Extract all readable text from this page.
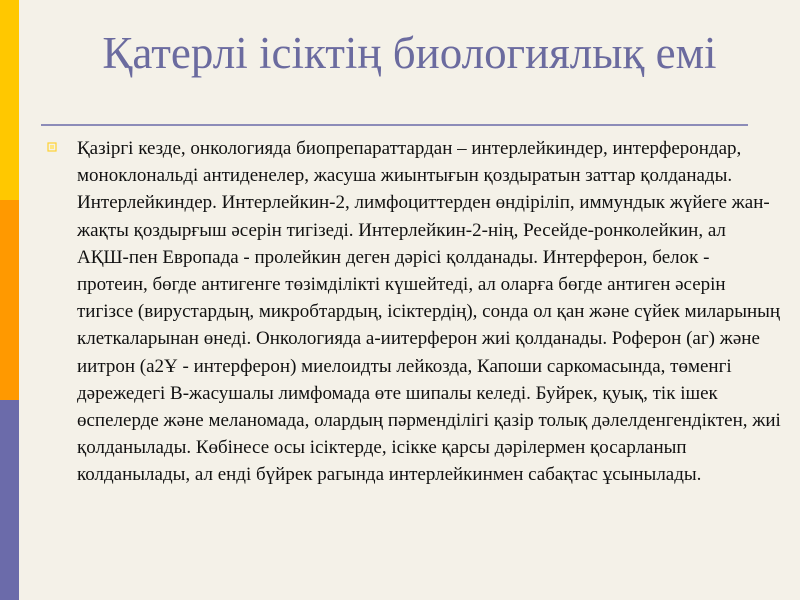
Қатерлі ісіктің биологиялық емі

Қазіргі кезде, онкологияда биопрепараттардан – интерлейкиндер, интерферондар, моноклональді антиденелер, жасуша жиынтығын қоздыратын заттар қолданады. Интерлейкиндер. Интерлейкин-2, лимфоциттерден өндіріліп, иммундык жүйеге жан-жақты қоздырғыш әсерін тигізеді. Интерлейкин-2-нің, Ресейде-ронколейкин, ал АҚШ-пен Европада - пролейкин деген дәрісі қолданады. Интерферон, белок - протеин, бөгде антигенге төзімділікті күшейтеді, ал оларға бөгде антиген әсерін тигізсе (вирустардың, микробтардың, ісіктердің), сонда ол қан және сүйек миларының клеткаларынан өнеді. Онкологияда а-иитерферон жиі қолданады. Роферон (аг) және иитрон (а2Ұ - интерферон) миелоидты лейкозда, Капоши саркомасында, төменгі дәрежедегі В-жасушалы лимфомада өте шипалы келеді. Буйрек, қуық, тік ішек өспелерде және меланомада, олардың пәрменділігі қазір толық дәлелденгендіктен, жиі қолданылады. Көбінесе осы ісіктерде, ісікке қарсы дәрілермен қосарланып колданылады, ал енді бүйрек рагында интерлейкинмен сабақтас ұсынылады.
